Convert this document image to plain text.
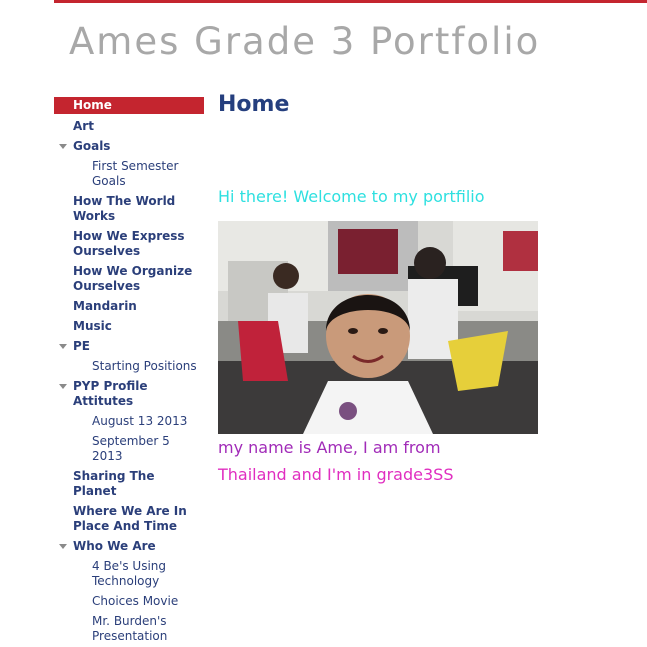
Ames Grade 3 Portfolio
Home
Art
Goals
First Semester Goals
How The World Works
How We Express Ourselves
How We Organize Ourselves
Mandarin
Music
PE
Starting Positions
PYP Profile Attitutes
August 13 2013
September 5 2013
Sharing The Planet
Where We Are In Place And Time
Who We Are
4 Be's Using Technology
Choices Movie
Mr. Burden's Presentation
Home

Hi there! Welcome to my portfilio

my name is Ame, I am from

Thailand and I'm in grade3SS
